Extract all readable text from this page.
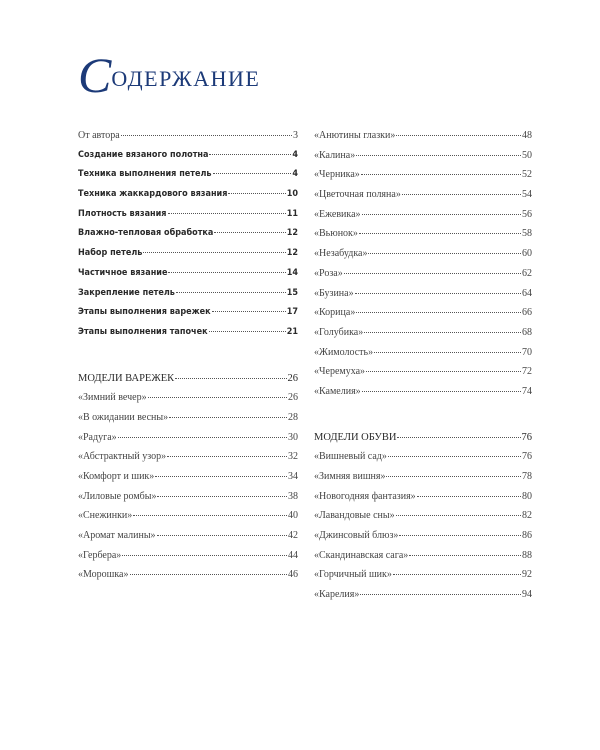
СОДЕРЖАНИЕ
От автора	3
Создание вязаного полотна	4
Техника выполнения петель	4
Техника жаккардового вязания	10
Плотность вязания	11
Влажно-тепловая обработка	12
Набор петель	12
Частичное вязание	14
Закрепление петель	15
Этапы выполнения варежек	17
Этапы выполнения тапочек	21
МОДЕЛИ ВАРЕЖЕК	26
«Зимний вечер»	26
«В ожидании весны»	28
«Радуга»	30
«Абстрактный узор»	32
«Комфорт и шик»	34
«Лиловые ромбы»	38
«Снежинки»	40
«Аромат малины»	42
«Гербера»	44
«Морошка»	46
«Анютины глазки»	48
«Калина»	50
«Черника»	52
«Цветочная поляна»	54
«Ежевика»	56
«Вьюнок»	58
«Незабудка»	60
«Роза»	62
«Бузина»	64
«Корица»	66
«Голубика»	68
«Жимолость»	70
«Черемуха»	72
«Камелия»	74
МОДЕЛИ ОБУВИ	76
«Вишневый сад»	76
«Зимняя вишня»	78
«Новогодняя фантазия»	80
«Лавандовые сны»	82
«Джинсовый блюз»	86
«Скандинавская сага»	88
«Горчичный шик»	92
«Карелия»	94
